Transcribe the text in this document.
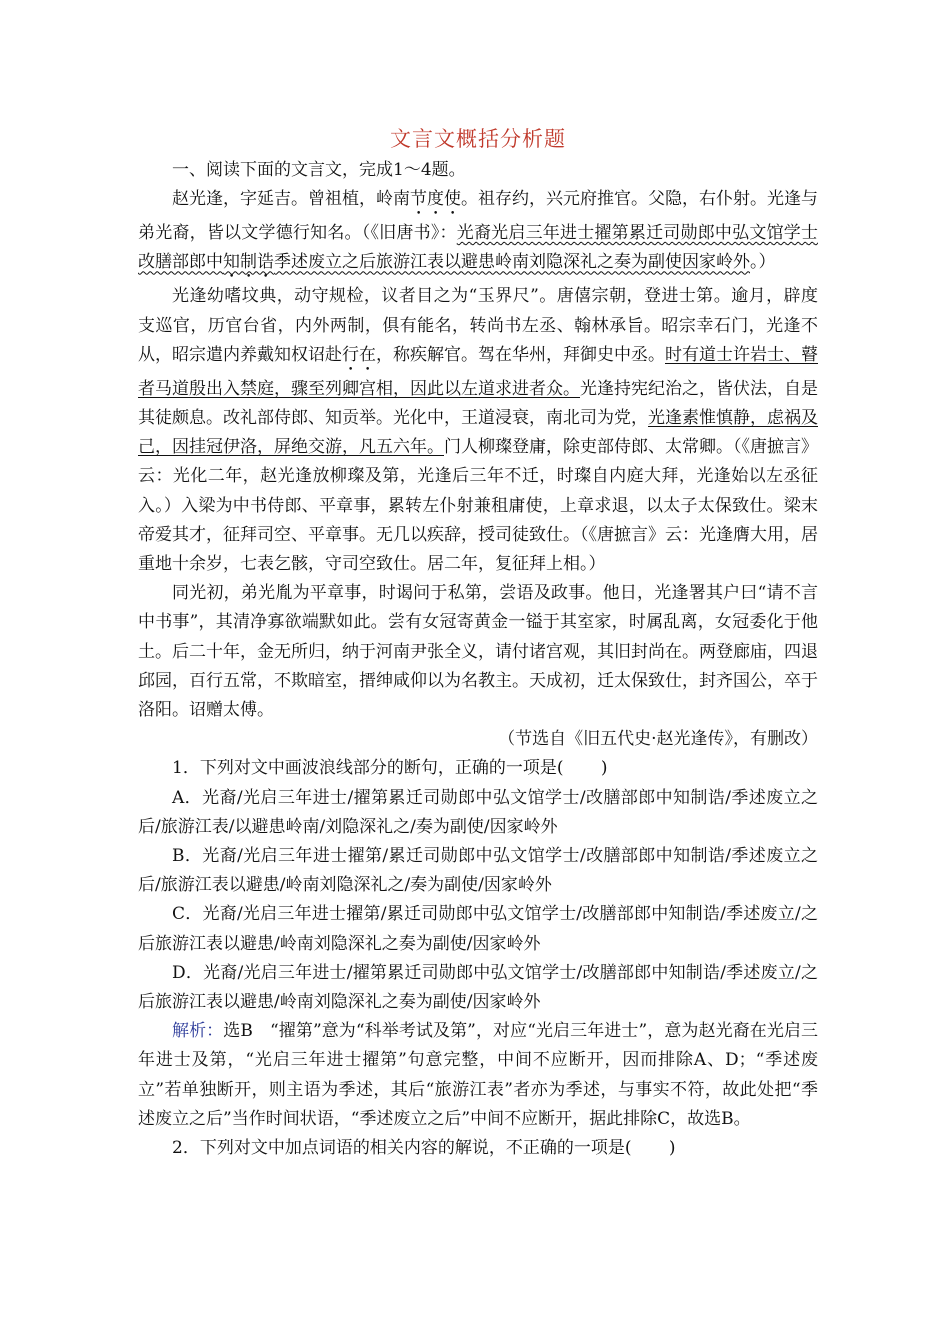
文言文概括分析题

一、阅读下面的文言文，完成1～4题。

赵光逢，字延吉。曾祖植，岭南节度使。祖存约，兴元府推官。父隐，右仆射。光逢与弟光裔，皆以文学德行知名。（《旧唐书》：光裔光启三年进士擢第累迁司勋郎中弘文馆学士改膳部郎中知制诰季述废立之后旅游江表以避患岭南刘隐深礼之奏为副使因家岭外。）

光逢幼嗜坟典，动守规检，议者目之为“玉界尺”。唐僖宗朝，登进士第。逾月，辟度支巡官，历官台省，内外两制，俱有能名，转尚书左丞、翰林承旨。昭宗幸石门，光逢不从，昭宗遣内养戴知权诏赴行在，称疾解官。驾在华州，拜御史中丞。时有道士许岩士、瞽者马道殷出入禁庭，骤至列卿宫相，因此以左道求进者众。光逢持宪纪治之，皆伏法，自是其徒颇息。改礼部侍郎、知贡举。光化中，王道浸衰，南北司为党，光逢素惟慎静，虑祸及己，因挂冠伊洛，屏绝交游，凡五六年。门人柳璨登庸，除吏部侍郎、太常卿。（《唐摭言》云：光化二年，赵光逢放柳璨及第，光逢后三年不迁，时璨自内庭大拜，光逢始以左丞征入。）入梁为中书侍郎、平章事，累转左仆射兼租庸使，上章求退，以太子太保致仕。梁末帝爱其才，征拜司空、平章事。无几以疾辞，授司徒致仕。（《唐摭言》云：光逢膺大用，居重地十余岁，七表乞骸，守司空致仕。居二年，复征拜上相。）

同光初，弟光胤为平章事，时谒问于私第，尝语及政事。他日，光逢署其户曰“请不言中书事”，其清净寡欲端默如此。尝有女冠寄黄金一镒于其室家，时属乱离，女冠委化于他土。后二十年，金无所归，纳于河南尹张全义，请付诸宫观，其旧封尚在。两登廊庙，四退邱园，百行五常，不欺暗室，搢绅咸仰以为名教主。天成初，迁太保致仕，封齐国公，卒于洛阳。诏赠太傅。

（节选自《旧五代史·赵光逢传》，有删改）

1．下列对文中画波浪线部分的断句，正确的一项是( )

A．光裔/光启三年进士/擢第累迁司勋郎中弘文馆学士/改膳部郎中知制诰/季述废立之后/旅游江表/以避患岭南/刘隐深礼之/奏为副使/因家岭外

B．光裔/光启三年进士擢第/累迁司勋郎中弘文馆学士/改膳部郎中知制诰/季述废立之后/旅游江表以避患/岭南刘隐深礼之/奏为副使/因家岭外

C．光裔/光启三年进士擢第/累迁司勋郎中弘文馆学士/改膳部郎中知制诰/季述废立/之后旅游江表以避患/岭南刘隐深礼之奏为副使/因家岭外

D．光裔/光启三年进士/擢第累迁司勋郎中弘文馆学士/改膳部郎中知制诰/季述废立/之后旅游江表以避患/岭南刘隐深礼之奏为副使/因家岭外

解析：选B　“擢第”意为“科举考试及第”，对应“光启三年进士”，意为赵光裔在光启三年进士及第，“光启三年进士擢第”句意完整，中间不应断开，因而排除A、D；“季述废立”若单独断开，则主语为季述，其后“旅游江表”者亦为季述，与事实不符，故此处把“季述废立之后”当作时间状语，“季述废立之后”中间不应断开，据此排除C，故选B。

2．下列对文中加点词语的相关内容的解说，不正确的一项是( )
